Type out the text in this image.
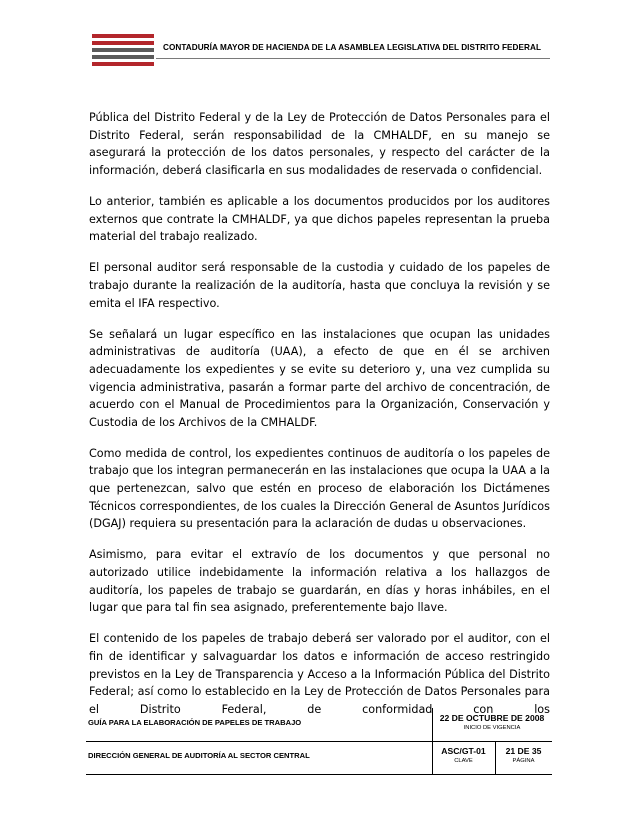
CONTADURÍA MAYOR DE HACIENDA DE LA ASAMBLEA LEGISLATIVA DEL DISTRITO FEDERAL

Pública del Distrito Federal y de la Ley de Protección de Datos Personales para el Distrito Federal, serán responsabilidad de la CMHALDF, en su manejo se asegurará la protección de los datos personales, y respecto del carácter de la información, deberá clasificarla en sus modalidades de reservada o confidencial.

Lo anterior, también es aplicable a los documentos producidos por los auditores externos que contrate la CMHALDF, ya que dichos papeles representan la prueba material del trabajo realizado.

El personal auditor será responsable de la custodia y cuidado de los papeles de trabajo durante la realización de la auditoría, hasta que concluya la revisión y se emita el IFA respectivo.

Se señalará un lugar específico en las instalaciones que ocupan las unidades administrativas de auditoría (UAA), a efecto de que en él se archiven adecuadamente los expedientes y se evite su deterioro y, una vez cumplida su vigencia administrativa, pasarán a formar parte del archivo de concentración, de acuerdo con el Manual de Procedimientos para la Organización, Conservación y Custodia de los Archivos de la CMHALDF.

Como medida de control, los expedientes continuos de auditoría o los papeles de trabajo que los integran permanecerán en las instalaciones que ocupa la UAA a la que pertenezcan, salvo que estén en proceso de elaboración los Dictámenes Técnicos correspondientes, de los cuales la Dirección General de Asuntos Jurídicos (DGAJ) requiera su presentación para la aclaración de dudas u observaciones.

Asimismo, para evitar el extravío de los documentos y que personal no autorizado utilice indebidamente la información relativa a los hallazgos de auditoría, los papeles de trabajo se guardarán, en días y horas inhábiles, en el lugar que para tal fin sea asignado, preferentemente bajo llave.

El contenido de los papeles de trabajo deberá ser valorado por el auditor, con el fin de identificar y salvaguardar los datos e información de acceso restringido previstos en la Ley de Transparencia y Acceso a la Información Pública del Distrito Federal; así como lo establecido en la Ley de Protección de Datos Personales para el Distrito Federal, de conformidad con los

GUÍA PARA LA ELABORACIÓN DE PAPELES DE TRABAJO
DIRECCIÓN GENERAL DE AUDITORÍA AL SECTOR CENTRAL
22 DE OCTUBRE DE 2008
INICIO DE VIGENCIA
ASC/GT-01
CLAVE
21 DE 35
PÁGINA
